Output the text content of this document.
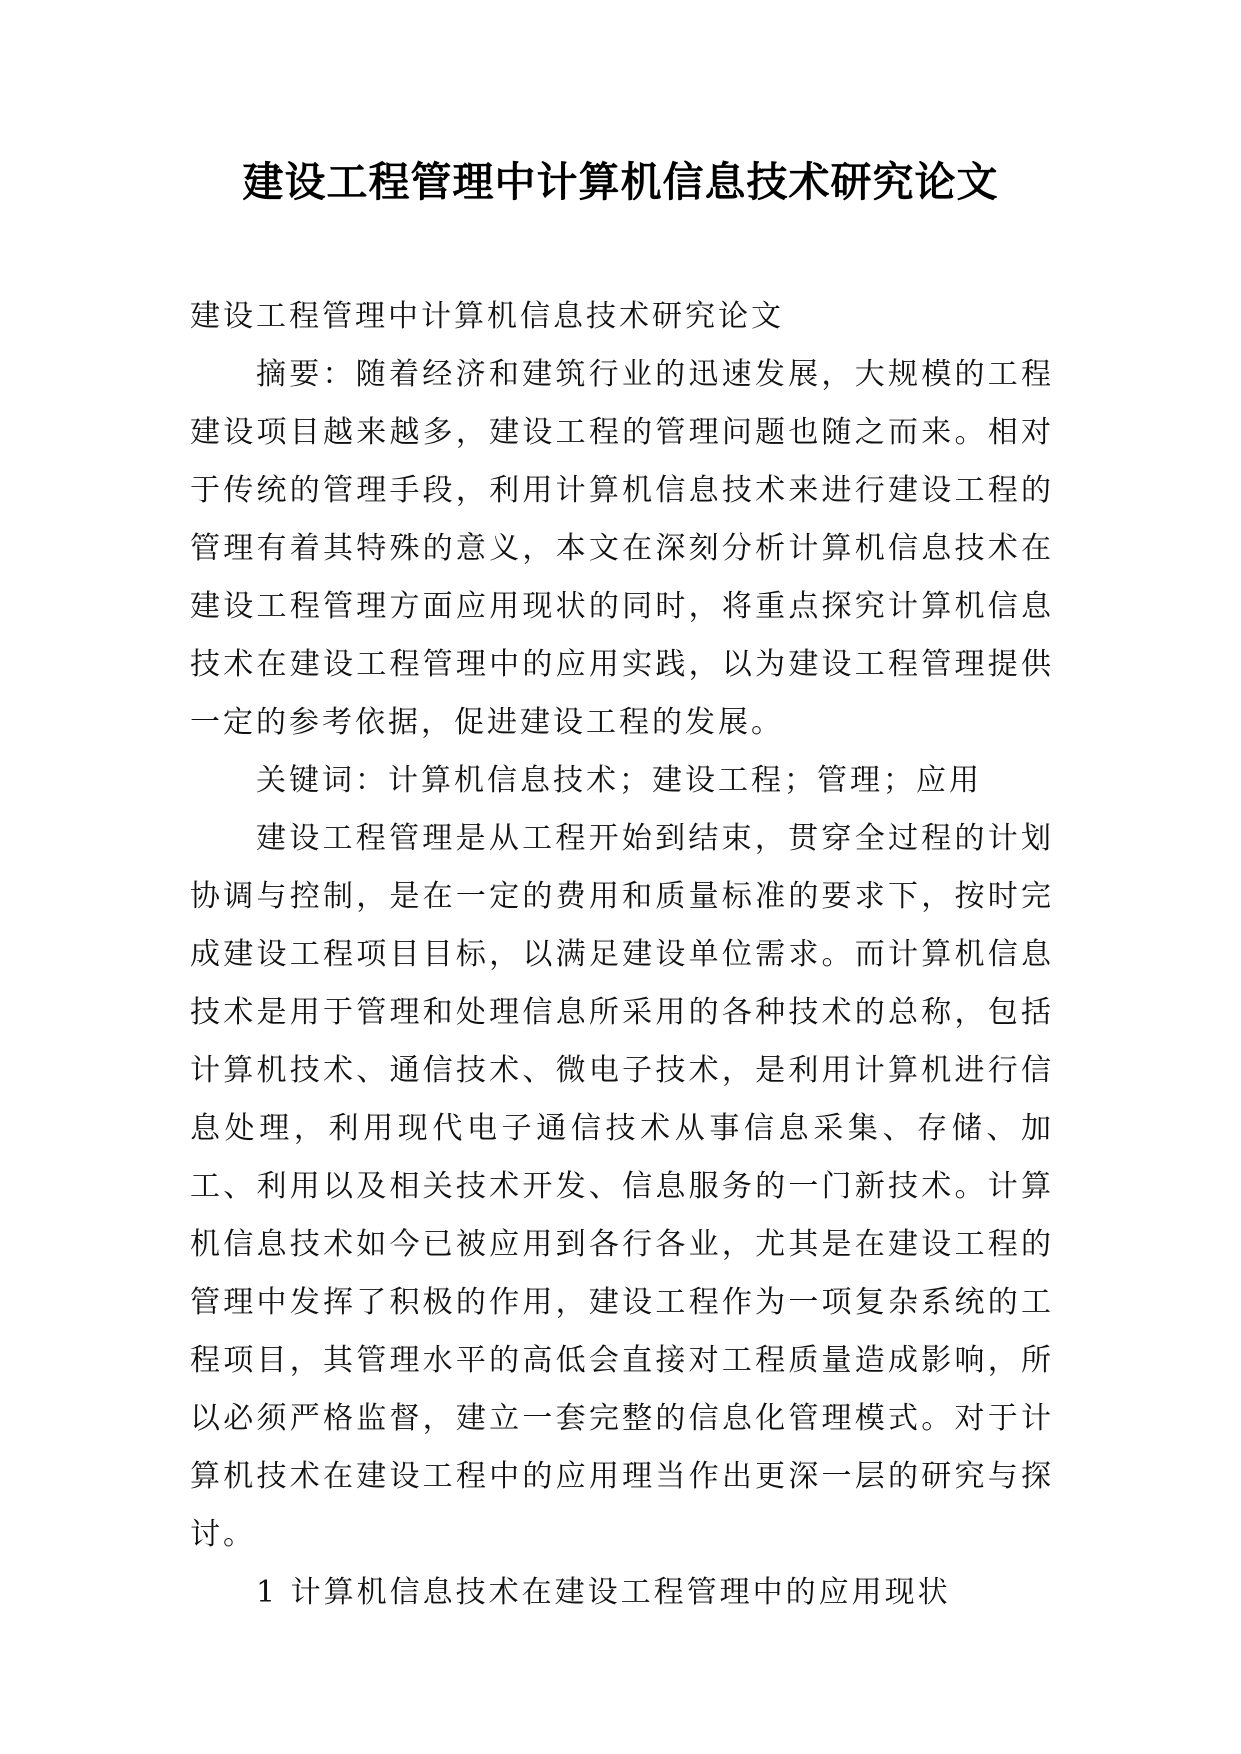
建设工程管理中计算机信息技术研究论文

建设工程管理中计算机信息技术研究论文

摘要：随着经济和建筑行业的迅速发展，大规模的工程建设项目越来越多，建设工程的管理问题也随之而来。相对于传统的管理手段，利用计算机信息技术来进行建设工程的管理有着其特殊的意义，本文在深刻分析计算机信息技术在建设工程管理方面应用现状的同时，将重点探究计算机信息技术在建设工程管理中的应用实践，以为建设工程管理提供一定的参考依据，促进建设工程的发展。

关键词：计算机信息技术；建设工程；管理；应用

建设工程管理是从工程开始到结束，贯穿全过程的计划协调与控制，是在一定的费用和质量标准的要求下，按时完成建设工程项目目标，以满足建设单位需求。而计算机信息技术是用于管理和处理信息所采用的各种技术的总称，包括计算机技术、通信技术、微电子技术，是利用计算机进行信息处理，利用现代电子通信技术从事信息采集、存储、加工、利用以及相关技术开发、信息服务的一门新技术。计算机信息技术如今已被应用到各行各业，尤其是在建设工程的管理中发挥了积极的作用，建设工程作为一项复杂系统的工程项目，其管理水平的高低会直接对工程质量造成影响，所以必须严格监督，建立一套完整的信息化管理模式。对于计算机技术在建设工程中的应用理当作出更深一层的研究与探讨。

1 计算机信息技术在建设工程管理中的应用现状
